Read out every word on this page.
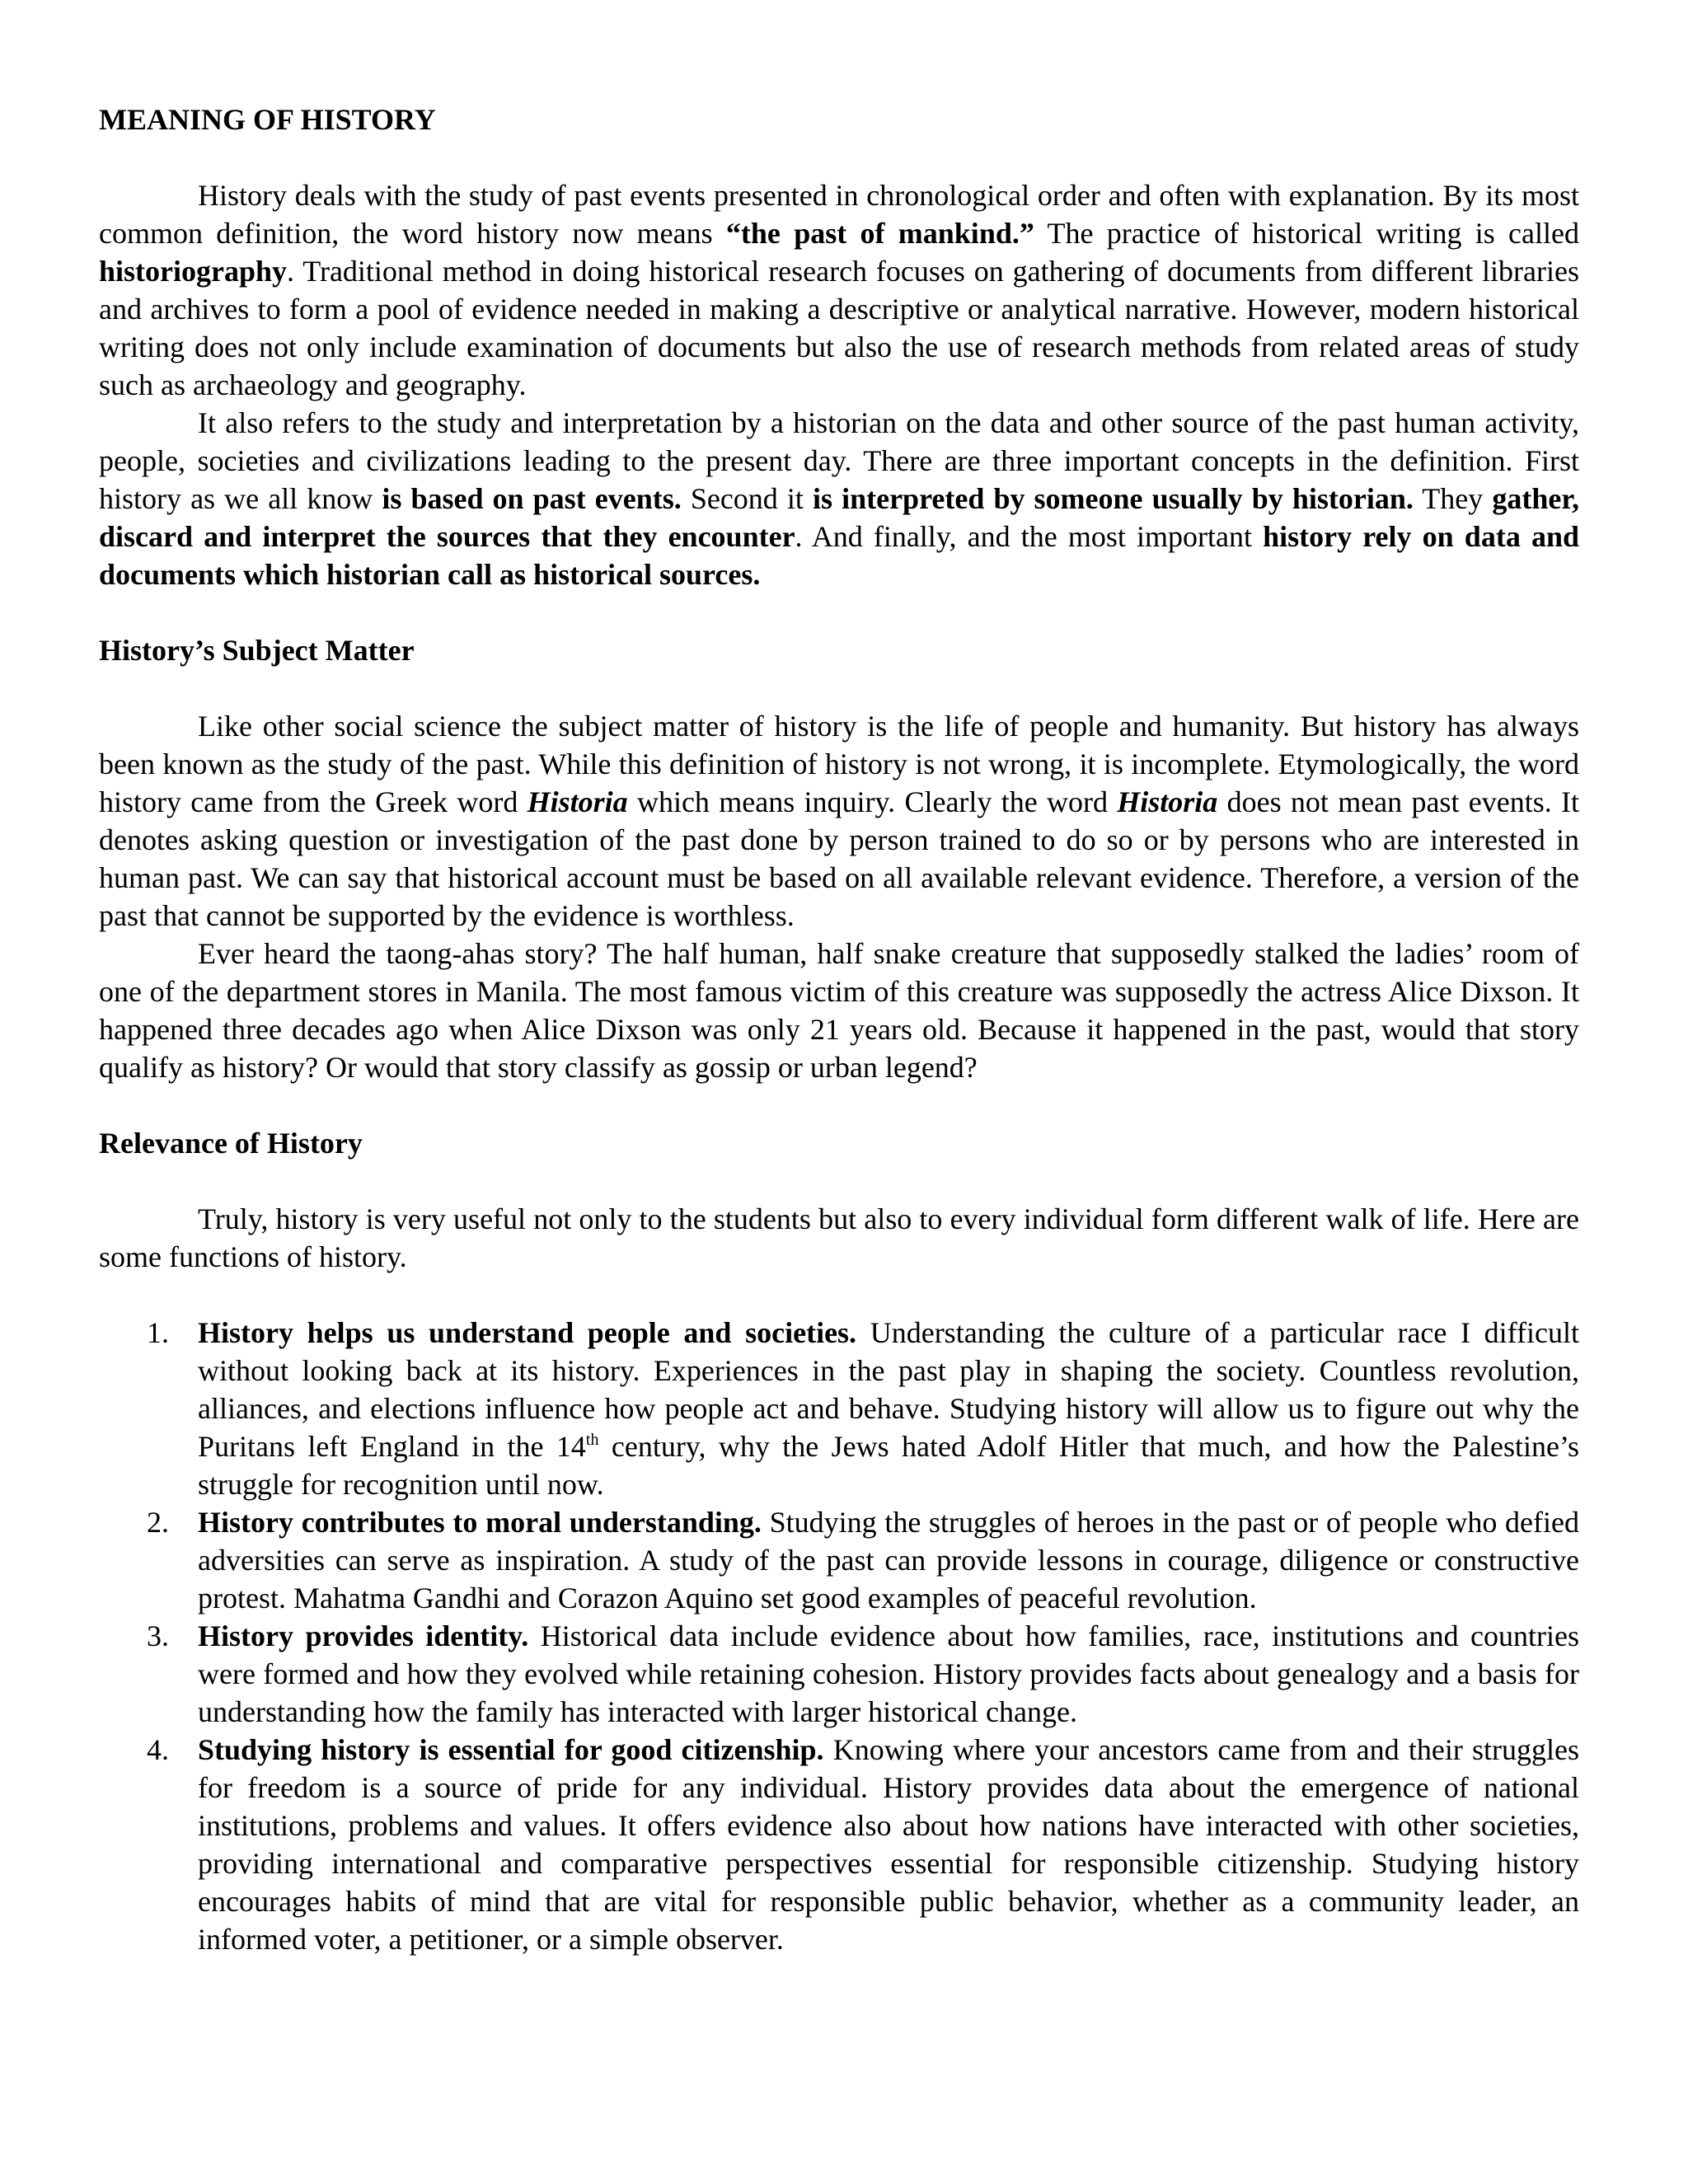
MEANING OF HISTORY

History deals with the study of past events presented in chronological order and often with explanation. By its most common definition, the word history now means “the past of mankind.” The practice of historical writing is called historiography. Traditional method in doing historical research focuses on gathering of documents from different libraries and archives to form a pool of evidence needed in making a descriptive or analytical narrative. However, modern historical writing does not only include examination of documents but also the use of research methods from related areas of study such as archaeology and geography.

It also refers to the study and interpretation by a historian on the data and other source of the past human activity, people, societies and civilizations leading to the present day. There are three important concepts in the definition. First history as we all know is based on past events. Second it is interpreted by someone usually by historian. They gather, discard and interpret the sources that they encounter. And finally, and the most important history rely on data and documents which historian call as historical sources.

History’s Subject Matter

Like other social science the subject matter of history is the life of people and humanity. But history has always been known as the study of the past. While this definition of history is not wrong, it is incomplete. Etymologically, the word history came from the Greek word Historia which means inquiry. Clearly the word Historia does not mean past events. It denotes asking question or investigation of the past done by person trained to do so or by persons who are interested in human past. We can say that historical account must be based on all available relevant evidence. Therefore, a version of the past that cannot be supported by the evidence is worthless.

Ever heard the taong-ahas story? The half human, half snake creature that supposedly stalked the ladies’ room of one of the department stores in Manila. The most famous victim of this creature was supposedly the actress Alice Dixson. It happened three decades ago when Alice Dixson was only 21 years old. Because it happened in the past, would that story qualify as history? Or would that story classify as gossip or urban legend?

Relevance of History

Truly, history is very useful not only to the students but also to every individual form different walk of life. Here are some functions of history.

1. History helps us understand people and societies. Understanding the culture of a particular race I difficult without looking back at its history. Experiences in the past play in shaping the society. Countless revolution, alliances, and elections influence how people act and behave. Studying history will allow us to figure out why the Puritans left England in the 14th century, why the Jews hated Adolf Hitler that much, and how the Palestine’s struggle for recognition until now.
2. History contributes to moral understanding. Studying the struggles of heroes in the past or of people who defied adversities can serve as inspiration. A study of the past can provide lessons in courage, diligence or constructive protest. Mahatma Gandhi and Corazon Aquino set good examples of peaceful revolution.
3. History provides identity. Historical data include evidence about how families, race, institutions and countries were formed and how they evolved while retaining cohesion. History provides facts about genealogy and a basis for understanding how the family has interacted with larger historical change.
4. Studying history is essential for good citizenship. Knowing where your ancestors came from and their struggles for freedom is a source of pride for any individual. History provides data about the emergence of national institutions, problems and values. It offers evidence also about how nations have interacted with other societies, providing international and comparative perspectives essential for responsible citizenship. Studying history encourages habits of mind that are vital for responsible public behavior, whether as a community leader, an informed voter, a petitioner, or a simple observer.
